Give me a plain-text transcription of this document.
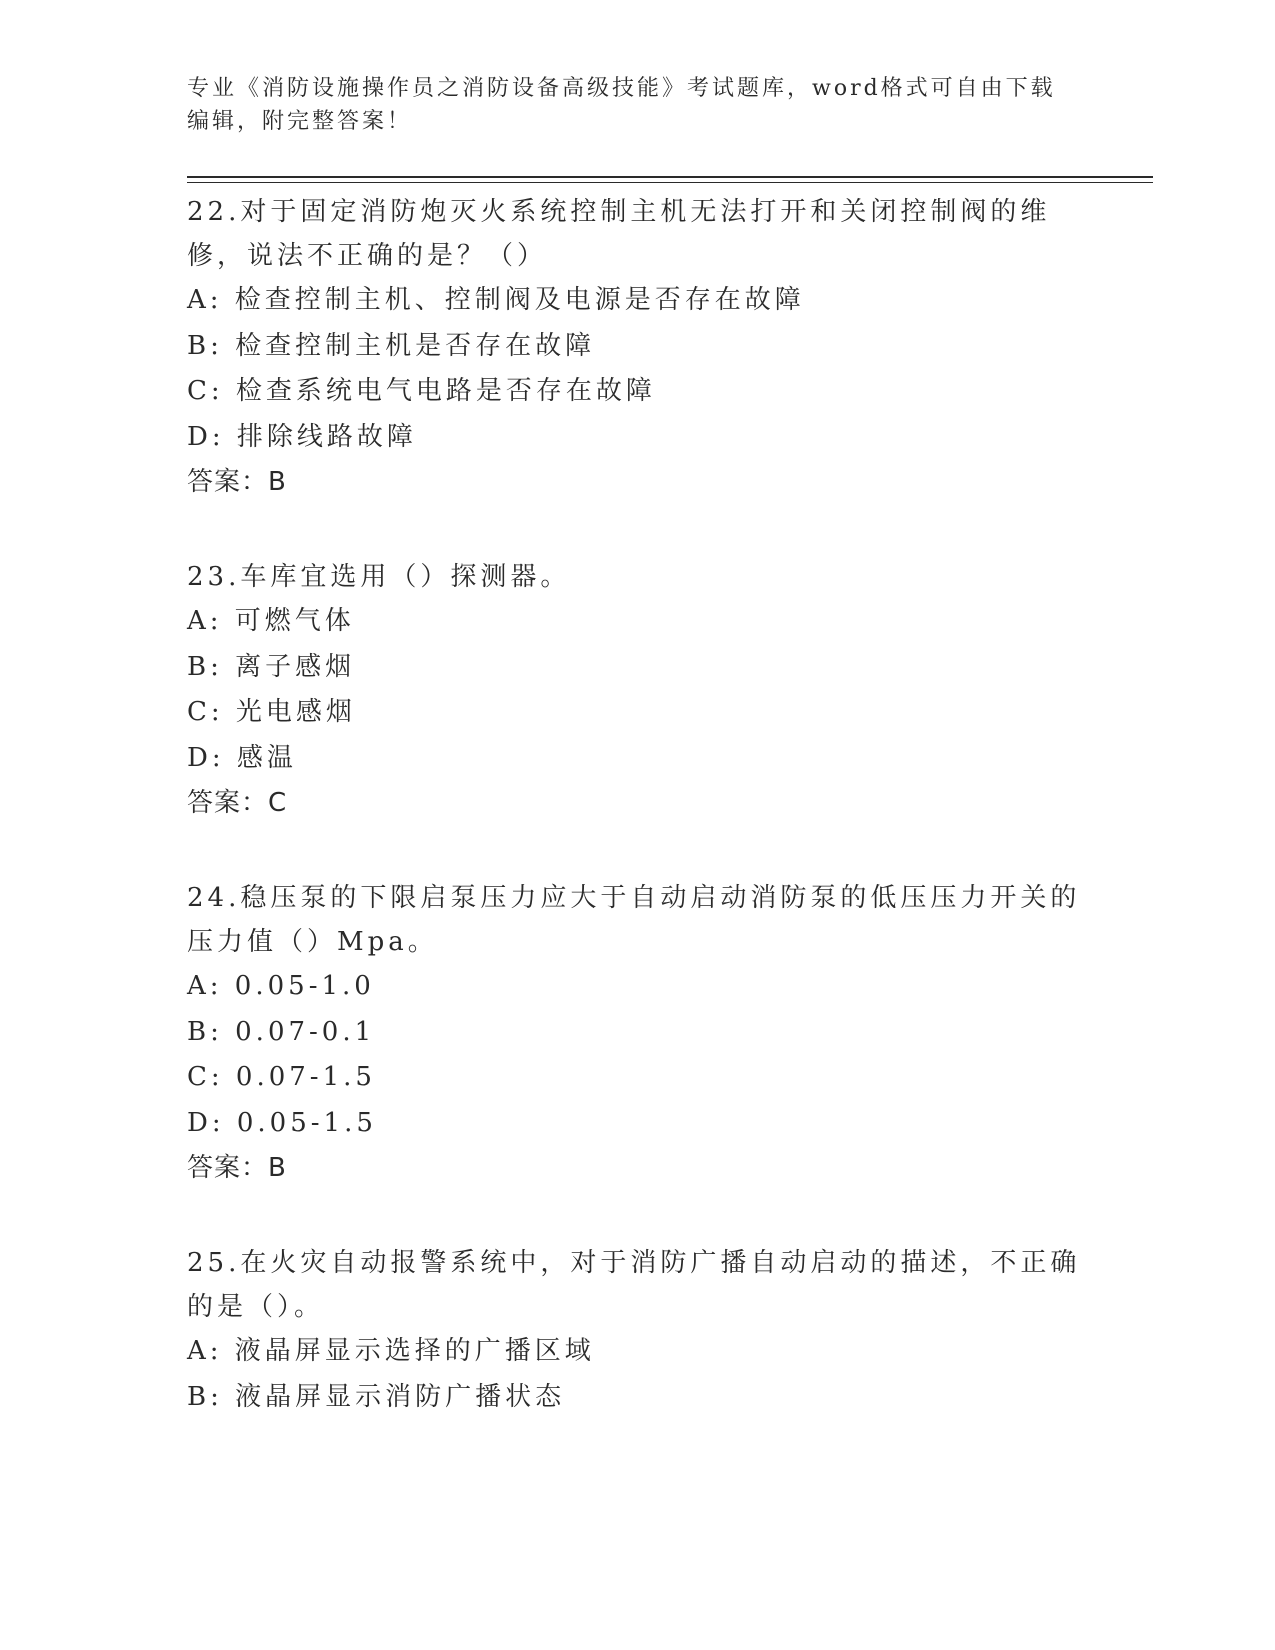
专业《消防设施操作员之消防设备高级技能》考试题库，word格式可自由下载编辑，附完整答案！

22.对于固定消防炮灭火系统控制主机无法打开和关闭控制阀的维修，说法不正确的是？（）

A: 检查控制主机、控制阀及电源是否存在故障

B: 检查控制主机是否存在故障

C: 检查系统电气电路是否存在故障

D: 排除线路故障

答案：B

23.车库宜选用（）探测器。

A: 可燃气体

B: 离子感烟

C: 光电感烟

D: 感温

答案：C

24.稳压泵的下限启泵压力应大于自动启动消防泵的低压压力开关的压力值（）Mpa。

A: 0.05-1.0

B: 0.07-0.1

C: 0.07-1.5

D: 0.05-1.5

答案：B

25.在火灾自动报警系统中，对于消防广播自动启动的描述，不正确的是（）。

A: 液晶屏显示选择的广播区域

B: 液晶屏显示消防广播状态
